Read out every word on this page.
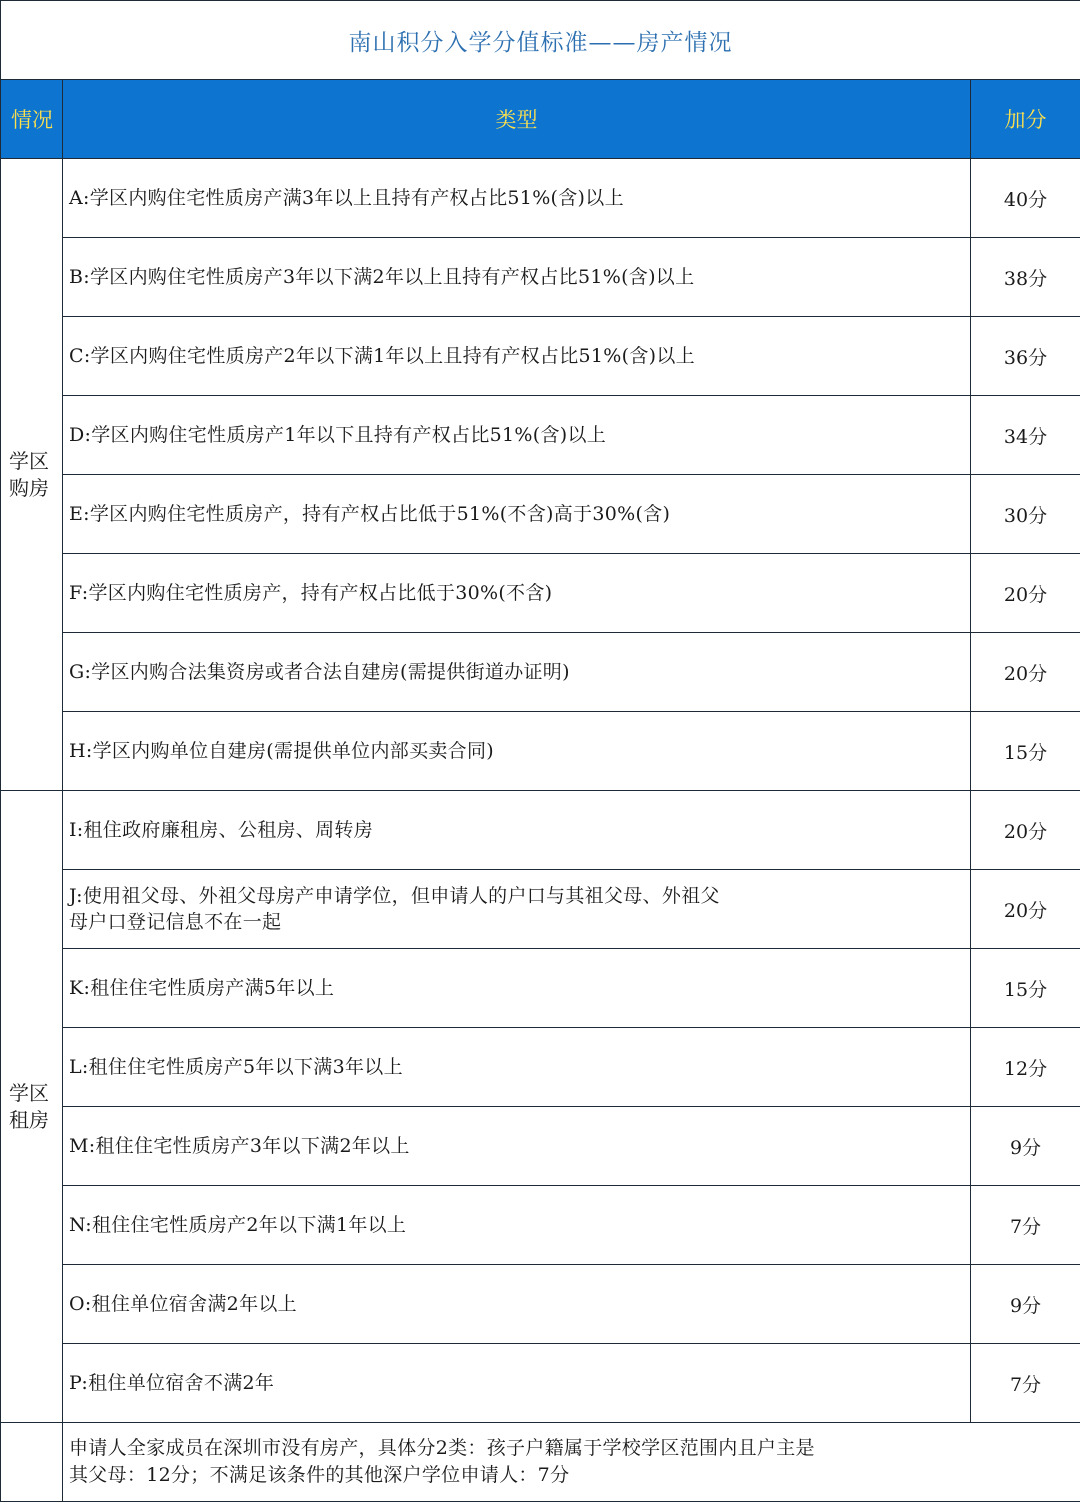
南山积分入学分值标准——房产情况		
情况	类型	加分
学区
购房	A:学区内购住宅性质房产满3年以上且持有产权占比51%(含)以上	40分
	B:学区内购住宅性质房产3年以下满2年以上且持有产权占比51%(含)以上	38分
	C:学区内购住宅性质房产2年以下满1年以上且持有产权占比51%(含)以上	36分
	D:学区内购住宅性质房产1年以下且持有产权占比51%(含)以上	34分
	E:学区内购住宅性质房产，持有产权占比低于51%(不含)高于30%(含)	30分
	F:学区内购住宅性质房产，持有产权占比低于30%(不含)	20分
	G:学区内购合法集资房或者合法自建房(需提供街道办证明)	20分
	H:学区内购单位自建房(需提供单位内部买卖合同)	15分
学区
租房	I:租住政府廉租房、公租房、周转房	20分
	J:使用祖父母、外祖父母房产申请学位，但申请人的户口与其祖父母、外祖父
母户口登记信息不在一起	20分
	K:租住住宅性质房产满5年以上	15分
	L:租住住宅性质房产5年以下满3年以上	12分
	M:租住住宅性质房产3年以下满2年以上	9分
	N:租住住宅性质房产2年以下满1年以上	7分
	O:租住单位宿舍满2年以上	9分
	P:租住单位宿舍不满2年	7分
	申请人全家成员在深圳市没有房产，具体分2类：孩子户籍属于学校学区范围内且户主是
其父母：12分；不满足该条件的其他深户学位申请人：7分	
